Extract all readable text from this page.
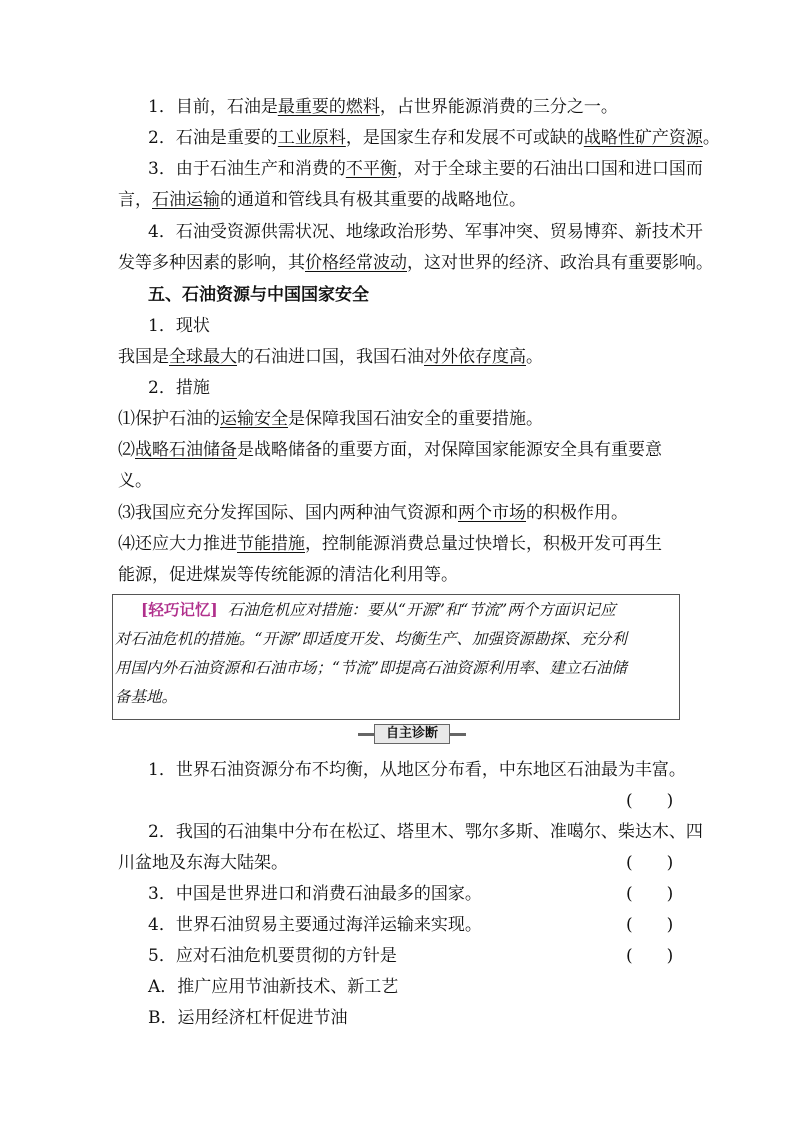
1．目前，石油是最重要的燃料，占世界能源消费的三分之一。
2．石油是重要的工业原料，是国家生存和发展不可或缺的战略性矿产资源。
3．由于石油生产和消费的不平衡，对于全球主要的石油出口国和进口国而
言，石油运输的通道和管线具有极其重要的战略地位。
4．石油受资源供需状况、地缘政治形势、军事冲突、贸易博弈、新技术开
发等多种因素的影响，其价格经常波动，这对世界的经济、政治具有重要影响。
五、石油资源与中国国家安全
1．现状
我国是全球最大的石油进口国，我国石油对外依存度高。
2．措施
⑴保护石油的运输安全是保障我国石油安全的重要措施。
⑵战略石油储备是战略储备的重要方面，对保障国家能源安全具有重要意
义。
⑶我国应充分发挥国际、国内两种油气资源和两个市场的积极作用。
⑷还应大力推进节能措施，控制能源消费总量过快增长，积极开发可再生
能源，促进煤炭等传统能源的清洁化利用等。
[轻巧记忆] 石油危机应对措施：要从“开源”和“节流”两个方面识记应
对石油危机的措施。“开源”即适度开发、均衡生产、加强资源勘探、充分利
用国内外石油资源和石油市场；“节流”即提高石油资源利用率、建立石油储
备基地。
自主诊断
1．世界石油资源分布不均衡，从地区分布看，中东地区石油最为丰富。
(　　)
2．我国的石油集中分布在松辽、塔里木、鄂尔多斯、准噶尔、柴达木、四
川盆地及东海大陆架。	(　　)
3．中国是世界进口和消费石油最多的国家。	(　　)
4．世界石油贸易主要通过海洋运输来实现。	(　　)
5．应对石油危机要贯彻的方针是	(　　)
A．推广应用节油新技术、新工艺
B．运用经济杠杆促进节油
